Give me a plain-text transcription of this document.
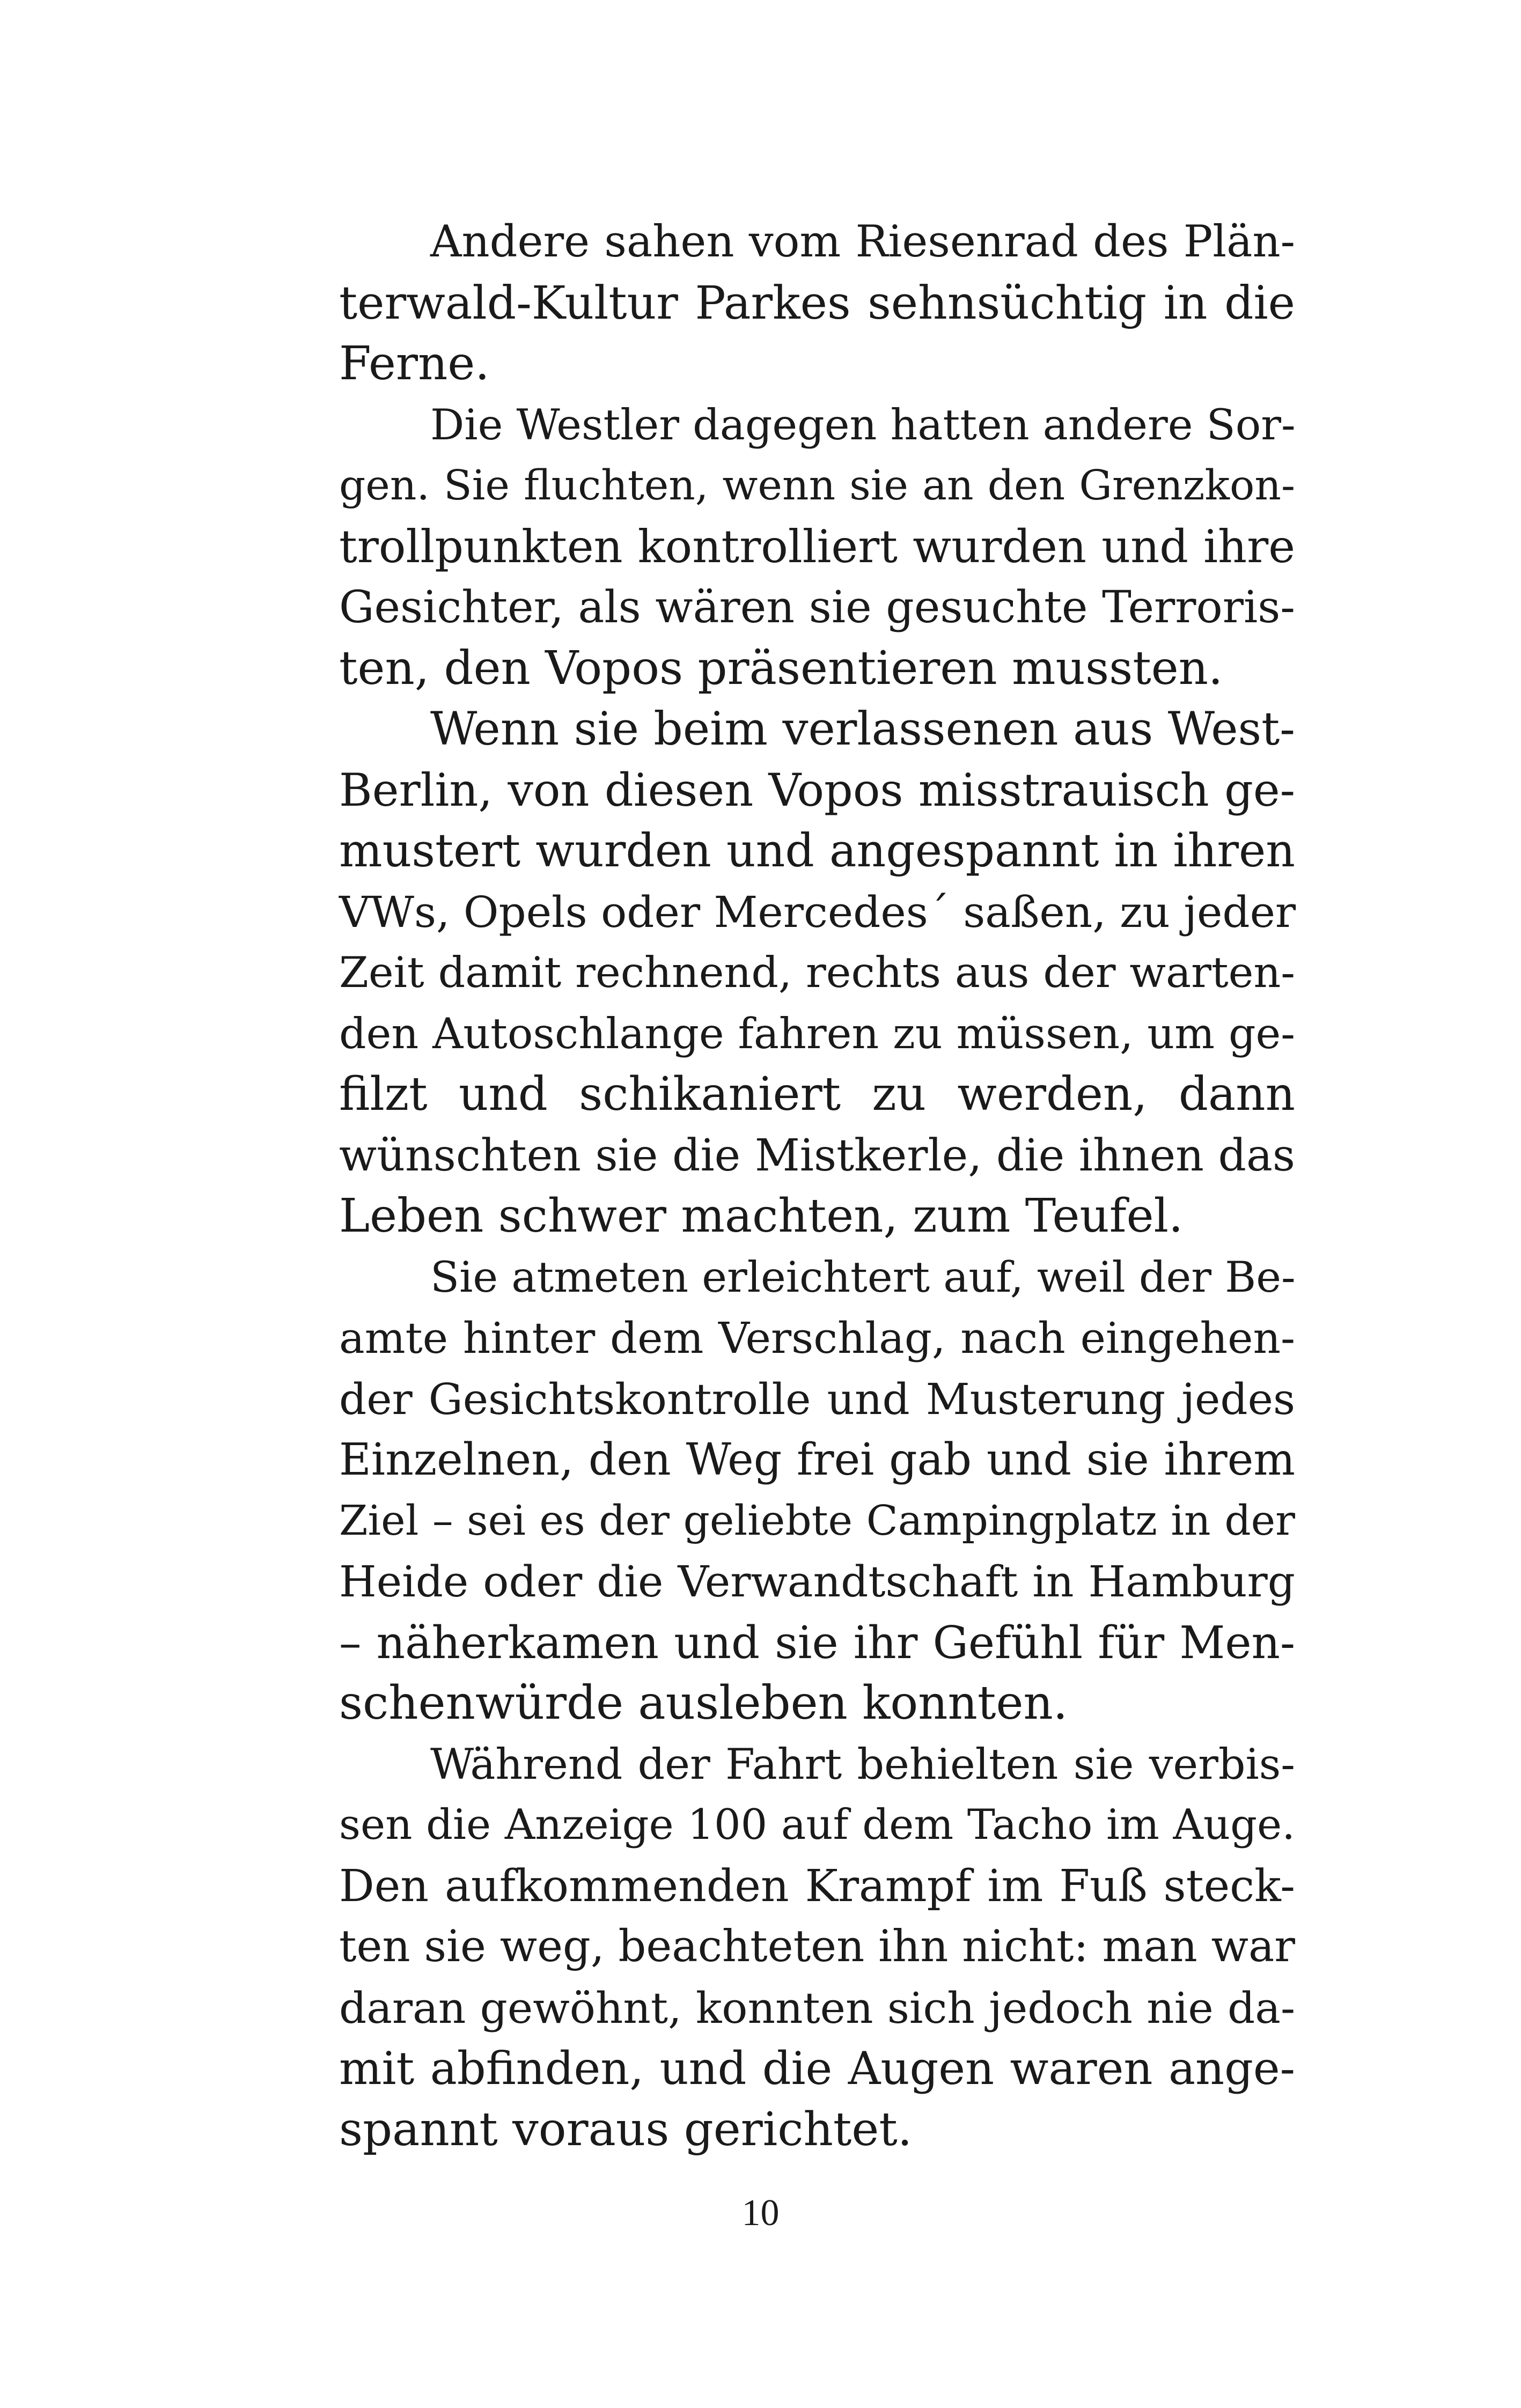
Andere sahen vom Riesenrad des Plän-
terwald-Kultur Parkes sehnsüchtig in die
Ferne.
Die Westler dagegen hatten andere Sor-
gen. Sie fluchten, wenn sie an den Grenzkon-
trollpunkten kontrolliert wurden und ihre
Gesichter, als wären sie gesuchte Terroris-
ten, den Vopos präsentieren mussten.
Wenn sie beim verlassenen aus West-
Berlin, von diesen Vopos misstrauisch ge-
mustert wurden und angespannt in ihren
VWs, Opels oder Mercedes´ saßen, zu jeder
Zeit damit rechnend, rechts aus der warten-
den Autoschlange fahren zu müssen, um ge-
filzt und schikaniert zu werden, dann
wünschten sie die Mistkerle, die ihnen das
Leben schwer machten, zum Teufel.
Sie atmeten erleichtert auf, weil der Be-
amte hinter dem Verschlag, nach eingehen-
der Gesichtskontrolle und Musterung jedes
Einzelnen, den Weg frei gab und sie ihrem
Ziel – sei es der geliebte Campingplatz in der
Heide oder die Verwandtschaft in Hamburg
– näherkamen und sie ihr Gefühl für Men-
schenwürde ausleben konnten.
Während der Fahrt behielten sie verbis-
sen die Anzeige 100 auf dem Tacho im Auge.
Den aufkommenden Krampf im Fuß steck-
ten sie weg, beachteten ihn nicht: man war
daran gewöhnt, konnten sich jedoch nie da-
mit abfinden, und die Augen waren ange-
spannt voraus gerichtet.
10
